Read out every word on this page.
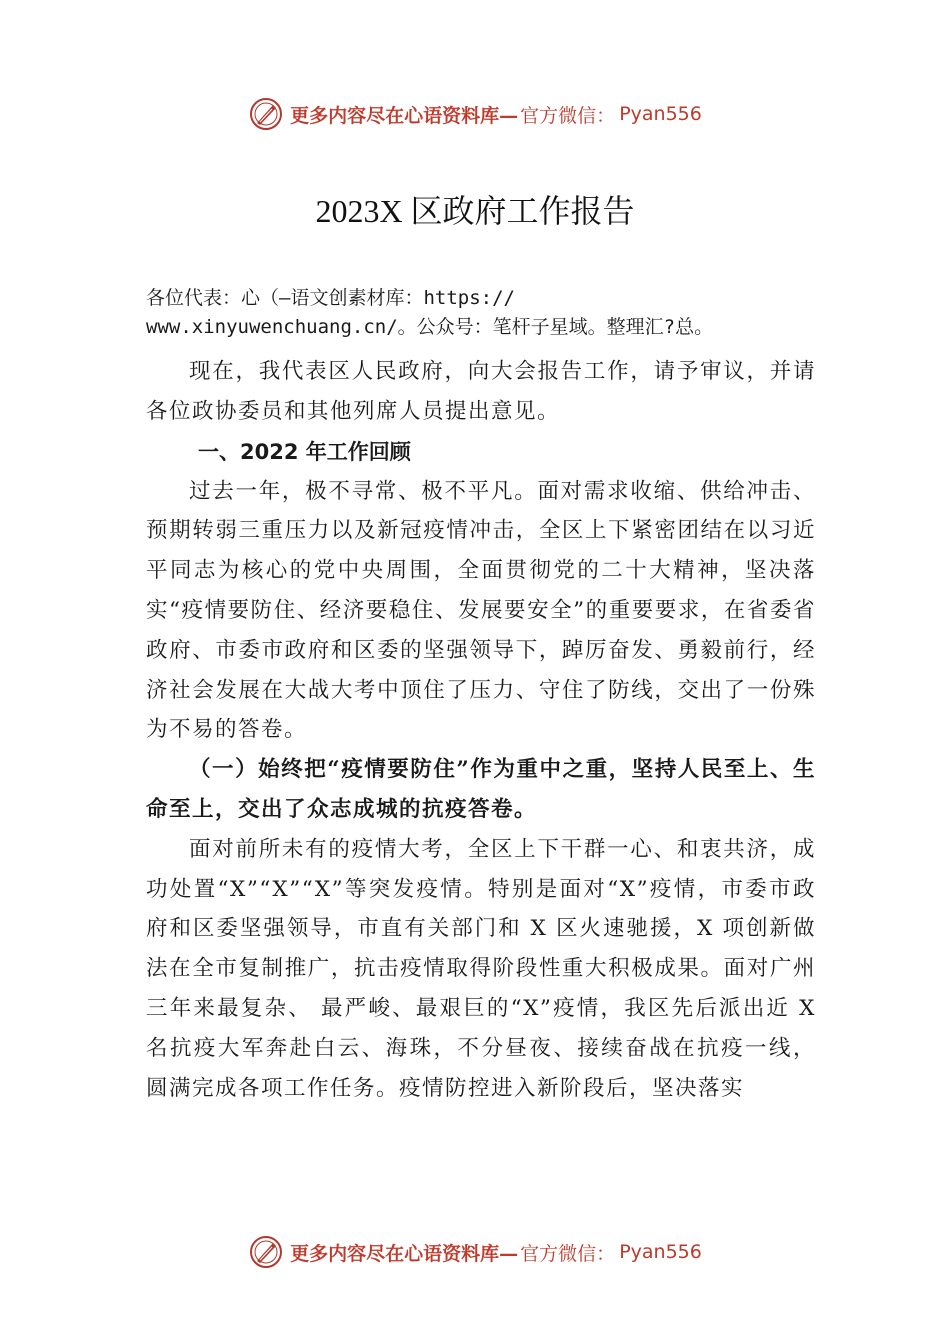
更多内容尽在心语资料库— 官方微信： Pyan556
2023X 区政府工作报告

各位代表：心（—语文创素材库：https://

www.xinyuwenchuang.cn/。公众号：笔杆子星域。整理汇?总。

现在，我代表区人民政府，向大会报告工作，请予审议，并请各位政协委员和其他列席人员提出意见。

一、2022 年工作回顾

过去一年，极不寻常、极不平凡。面对需求收缩、供给冲击、预期转弱三重压力以及新冠疫情冲击，全区上下紧密团结在以习近平同志为核心的党中央周围，全面贯彻党的二十大精神，坚决落实“疫情要防住、经济要稳住、发展要安全”的重要要求，在省委省政府、市委市政府和区委的坚强领导下，踔厉奋发、勇毅前行，经济社会发展在大战大考中顶住了压力、守住了防线，交出了一份殊为不易的答卷。

（一）始终把“疫情要防住”作为重中之重，坚持人民至上、生命至上，交出了众志成城的抗疫答卷。

面对前所未有的疫情大考，全区上下干群一心、和衷共济，成功处置“X”“X”“X”等突发疫情。特别是面对“X”疫情，市委市政府和区委坚强领导，市直有关部门和 X 区火速驰援，X 项创新做法在全市复制推广，抗击疫情取得阶段性重大积极成果。面对广州三年来最复杂、 最严峻、最艰巨的“X”疫情，我区先后派出近 X 名抗疫大军奔赴白云、海珠，不分昼夜、接续奋战在抗疫一线， 圆满完成各项工作任务。疫情防控进入新阶段后，坚决落实

更多内容尽在心语资料库— 官方微信： Pyan556
